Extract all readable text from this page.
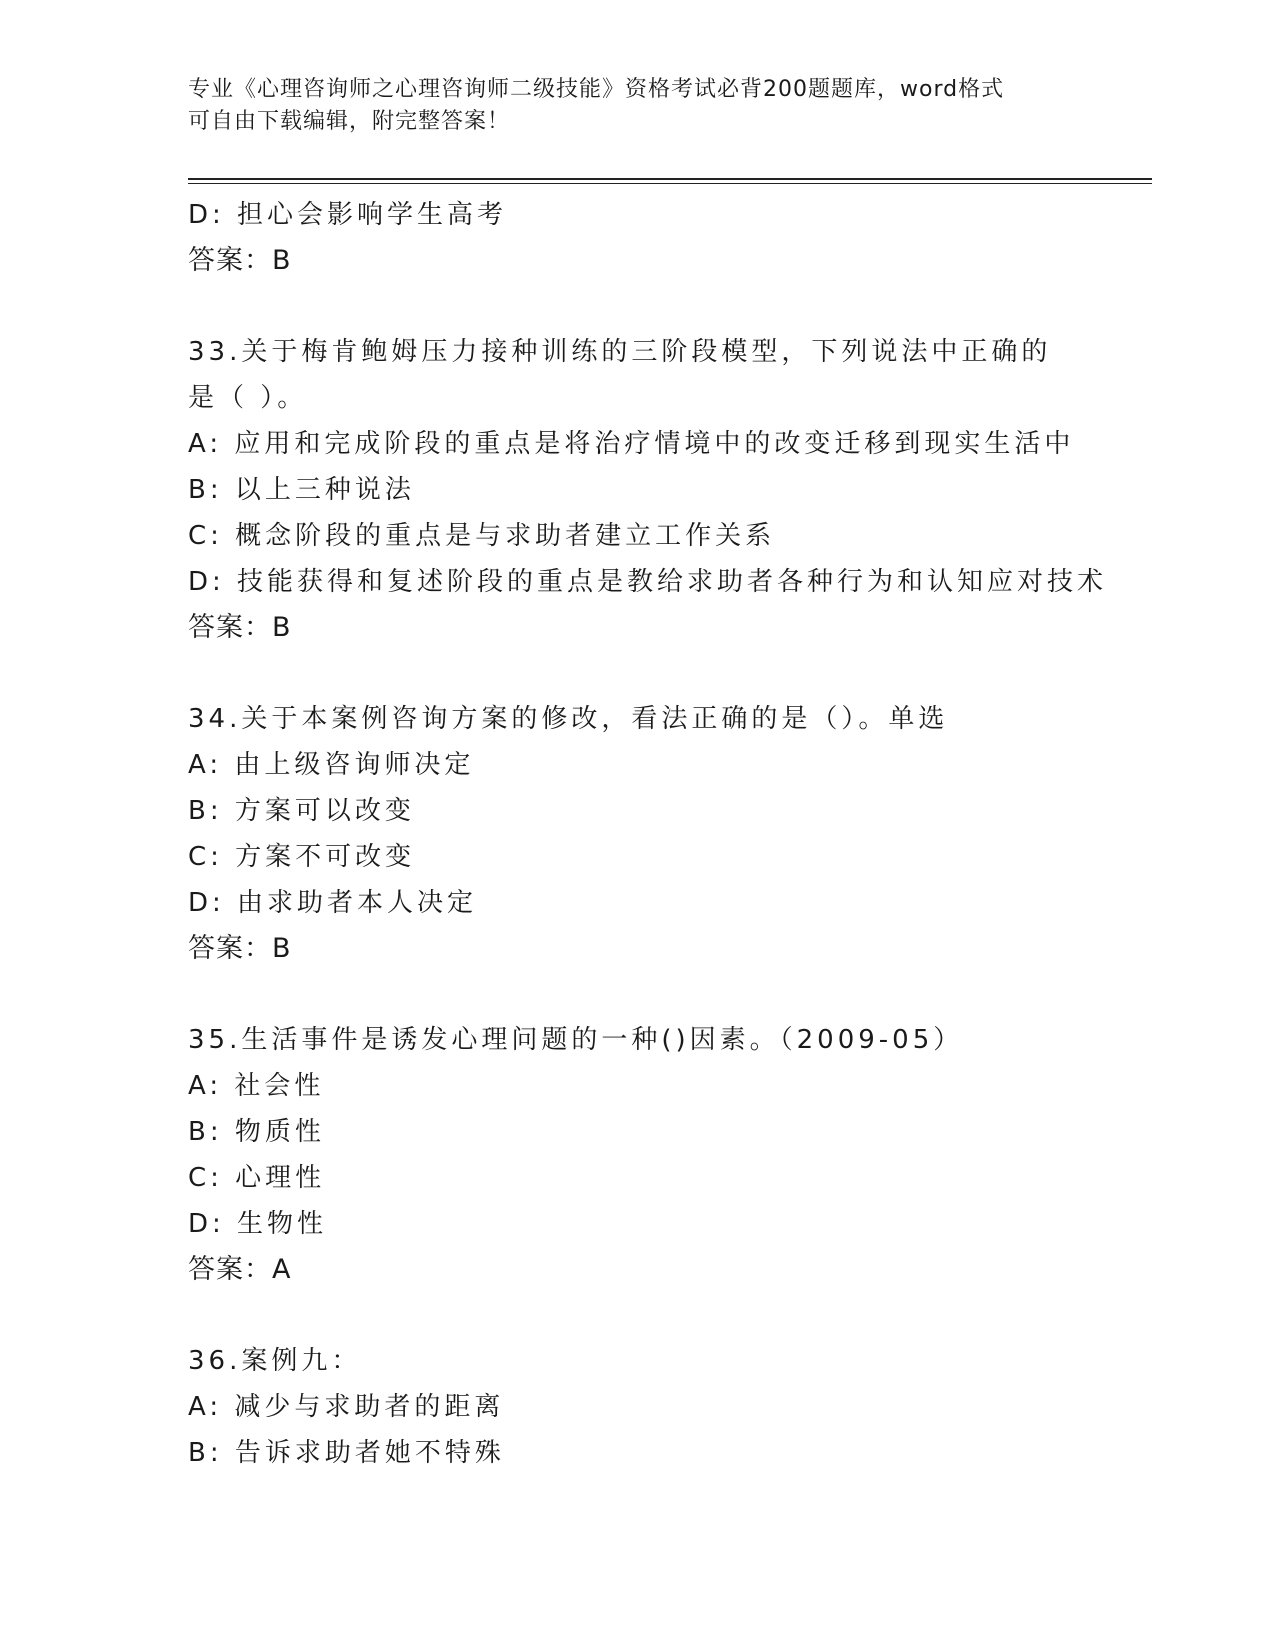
专业《心理咨询师之心理咨询师二级技能》资格考试必背200题题库，word格式
可自由下载编辑，附完整答案！
D: 担心会影响学生高考
答案：B
33.关于梅肯鲍姆压力接种训练的三阶段模型，下列说法中正确的是（ ）。
A: 应用和完成阶段的重点是将治疗情境中的改变迁移到现实生活中
B: 以上三种说法
C: 概念阶段的重点是与求助者建立工作关系
D: 技能获得和复述阶段的重点是教给求助者各种行为和认知应对技术
答案：B
34.关于本案例咨询方案的修改，看法正确的是（）。单选
A: 由上级咨询师决定
B: 方案可以改变
C: 方案不可改变
D: 由求助者本人决定
答案：B
35.生活事件是诱发心理问题的一种()因素。（2009-05）
A: 社会性
B: 物质性
C: 心理性
D: 生物性
答案：A
36.案例九：
A: 减少与求助者的距离
B: 告诉求助者她不特殊
